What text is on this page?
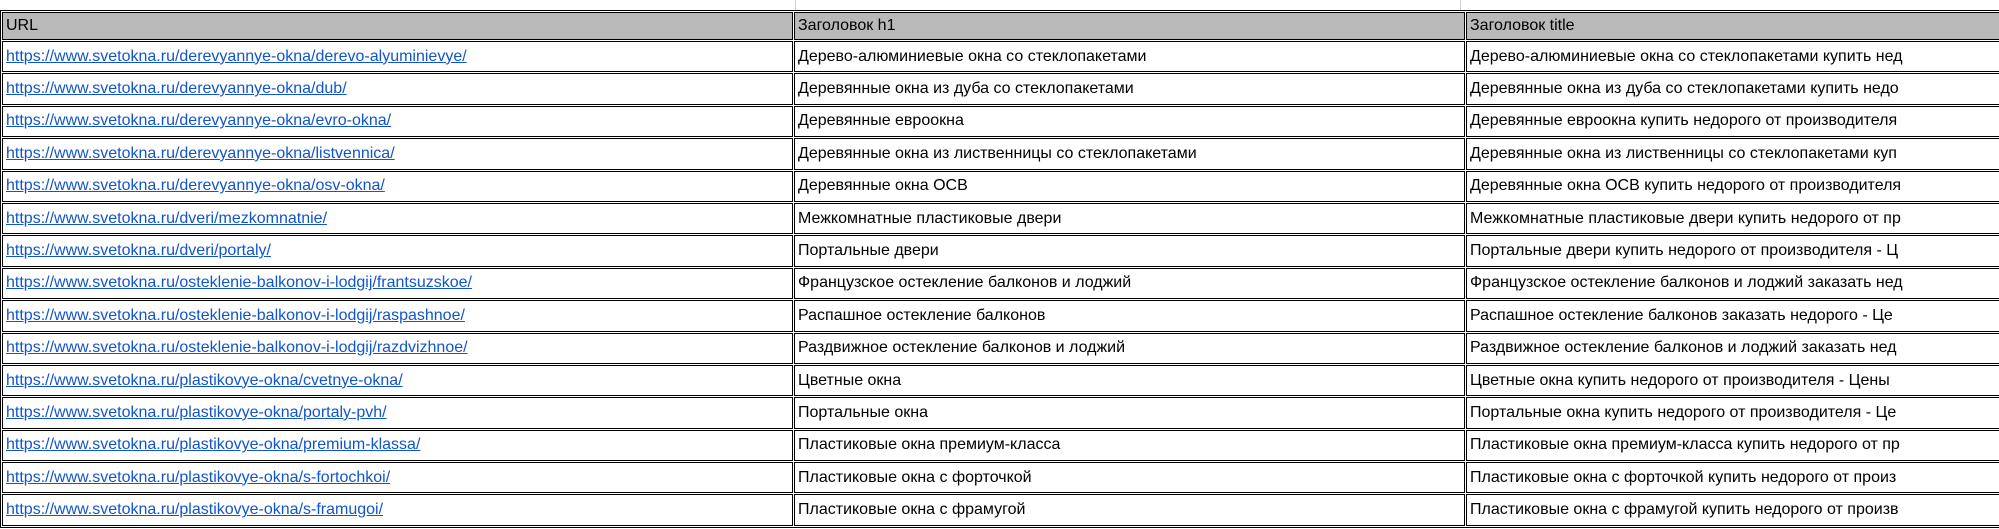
URL	Заголовок h1	Заголовок title
https://www.svetokna.ru/derevyannye-okna/derevo-alyuminievye/	Дерево-алюминиевые окна со стеклопакетами	Дерево-алюминиевые окна со стеклопакетами купить нед
https://www.svetokna.ru/derevyannye-okna/dub/	Деревянные окна из дуба со стеклопакетами	Деревянные окна из дуба со стеклопакетами купить недо
https://www.svetokna.ru/derevyannye-okna/evro-okna/	Деревянные евроокна	Деревянные евроокна купить недорого от производителя
https://www.svetokna.ru/derevyannye-okna/listvennica/	Деревянные окна из лиственницы со стеклопакетами	Деревянные окна из лиственницы со стеклопакетами куп
https://www.svetokna.ru/derevyannye-okna/osv-okna/	Деревянные окна ОСВ	Деревянные окна ОСВ купить недорого от производителя
https://www.svetokna.ru/dveri/mezkomnatnie/	Межкомнатные пластиковые двери	Межкомнатные пластиковые двери купить недорого от пр
https://www.svetokna.ru/dveri/portaly/	Портальные двери	Портальные двери купить недорого от производителя - Ц
https://www.svetokna.ru/osteklenie-balkonov-i-lodgij/frantsuzskoe/	Французское остекление балконов и лоджий	Французское остекление балконов и лоджий заказать нед
https://www.svetokna.ru/osteklenie-balkonov-i-lodgij/raspashnoe/	Распашное остекление балконов	Распашное остекление балконов заказать недорого - Це
https://www.svetokna.ru/osteklenie-balkonov-i-lodgij/razdvizhnoe/	Раздвижное остекление балконов и лоджий	Раздвижное остекление балконов и лоджий заказать нед
https://www.svetokna.ru/plastikovye-okna/cvetnye-okna/	Цветные окна	Цветные окна купить недорого от производителя - Цены
https://www.svetokna.ru/plastikovye-okna/portaly-pvh/	Портальные окна	Портальные окна купить недорого от производителя - Це
https://www.svetokna.ru/plastikovye-okna/premium-klassa/	Пластиковые окна премиум-класса	Пластиковые окна премиум-класса купить недорого от пр
https://www.svetokna.ru/plastikovye-okna/s-fortochkoi/	Пластиковые окна с форточкой	Пластиковые окна с форточкой купить недорого от произ
https://www.svetokna.ru/plastikovye-okna/s-framugoi/	Пластиковые окна с фрамугой	Пластиковые окна с фрамугой купить недорого от произв
